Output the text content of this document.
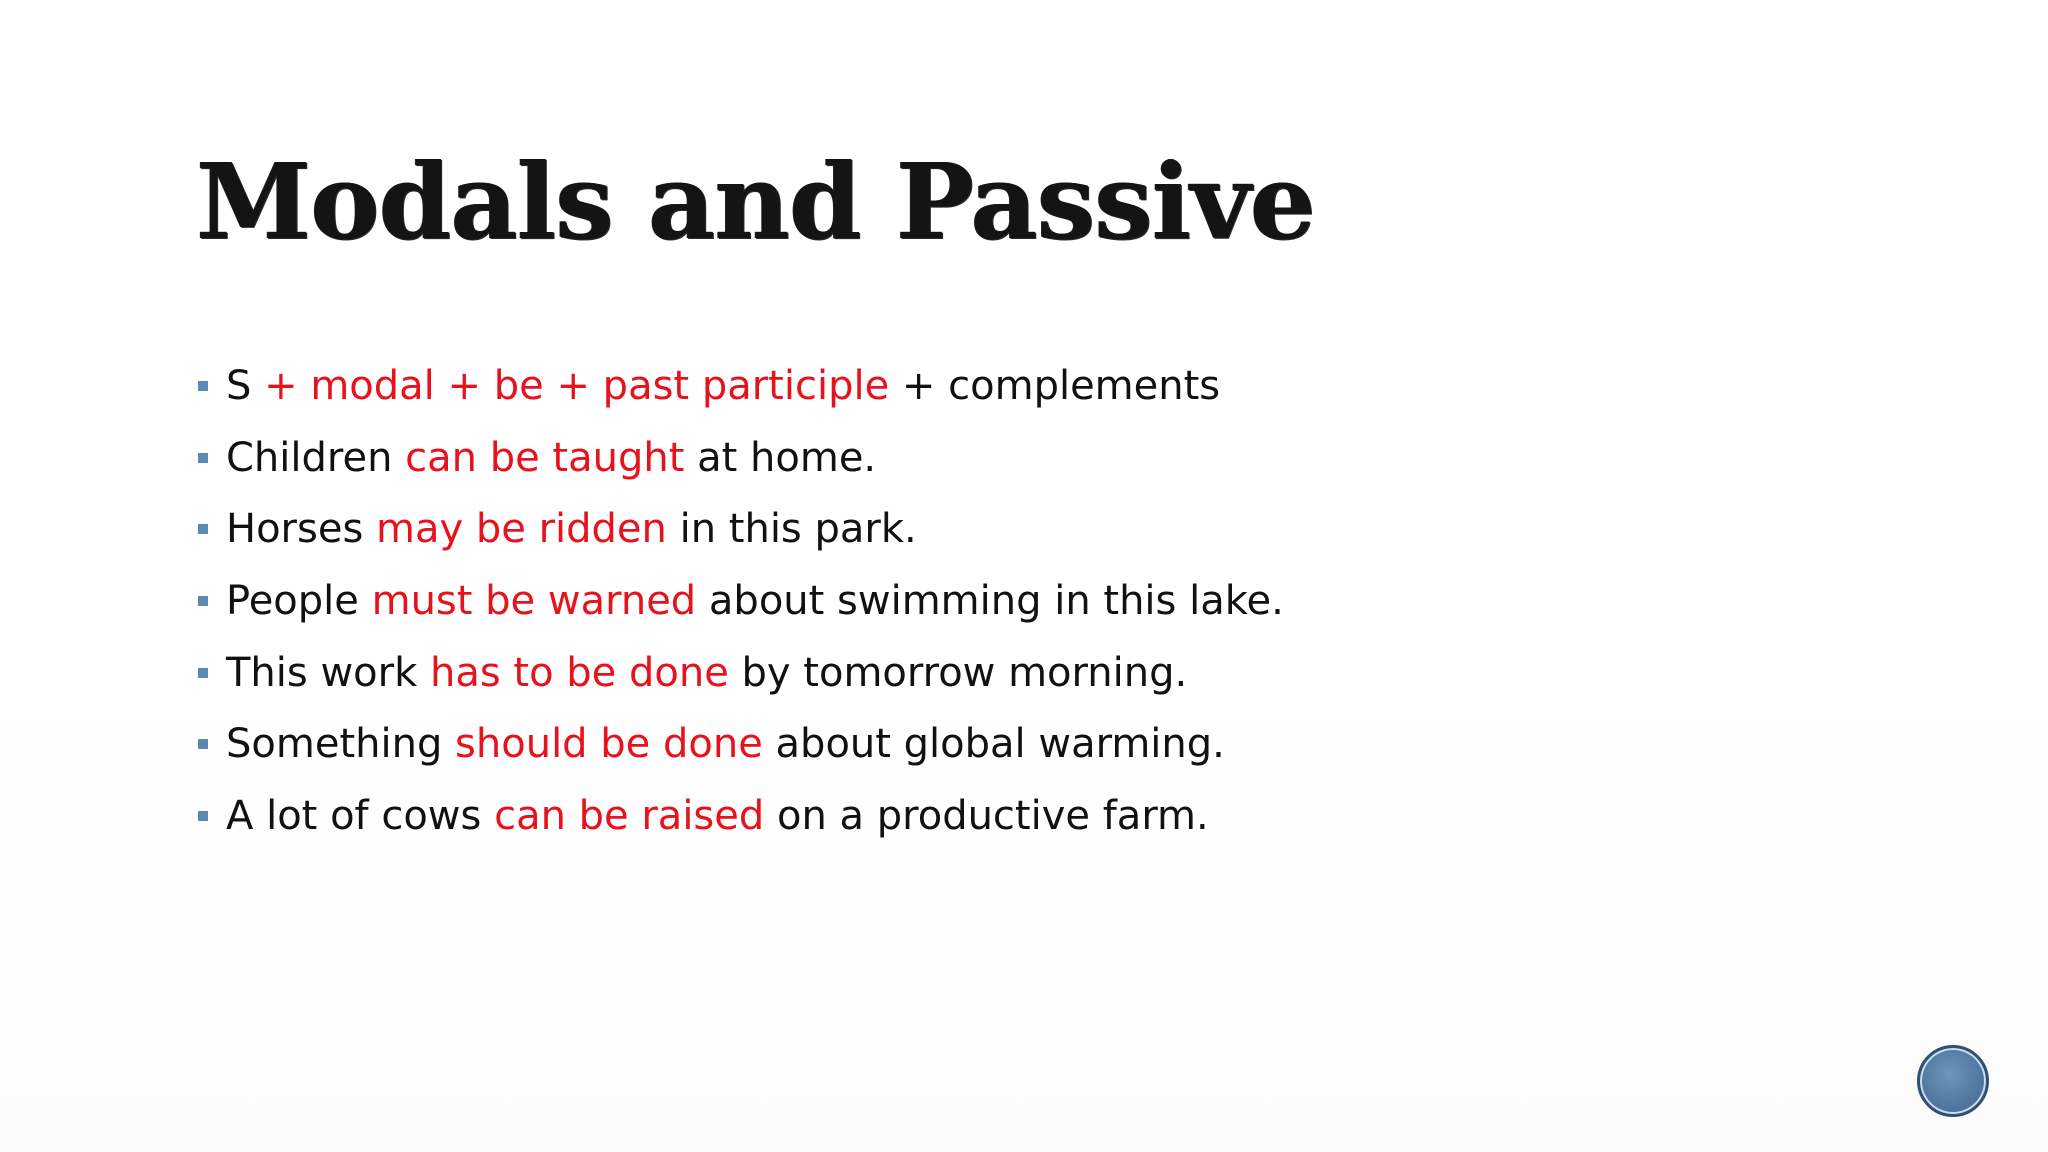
Modals and Passive
S + modal + be + past participle + complements
Children can be taught at home.
Horses may be ridden in this park.
People must be warned about swimming in this lake.
This work has to be done by tomorrow morning.
Something should be done about global warming.
A lot of cows can be raised on a productive farm.
